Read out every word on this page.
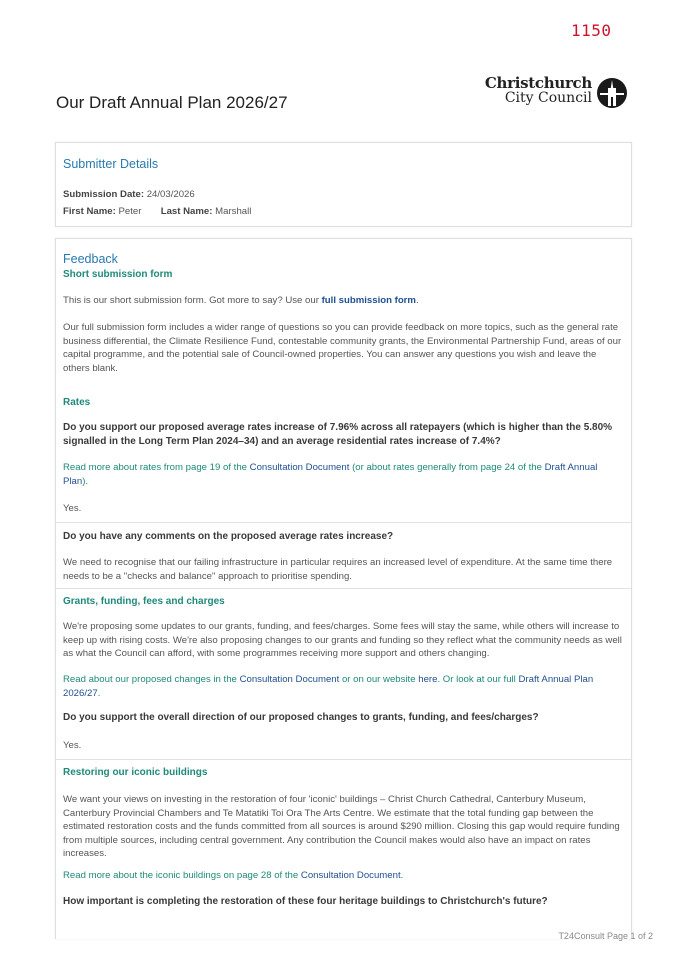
1150
Our Draft Annual Plan 2026/27
Christchurch
City Council
Submitter Details
Submission Date: 24/03/2026
First Name: Peter Last Name: Marshall
Feedback
Short submission form
This is our short submission form. Got more to say? Use our full submission form.
Our full submission form includes a wider range of questions so you can provide feedback on more topics, such as the general rate business differential, the Climate Resilience Fund, contestable community grants, the Environmental Partnership Fund, areas of our capital programme, and the potential sale of Council-owned properties. You can answer any questions you wish and leave the others blank.
Rates
Do you support our proposed average rates increase of 7.96% across all ratepayers (which is higher than the 5.80% signalled in the Long Term Plan 2024–34) and an average residential rates increase of 7.4%?
Read more about rates from page 19 of the Consultation Document (or about rates generally from page 24 of the Draft Annual Plan).
Yes.
Do you have any comments on the proposed average rates increase?
We need to recognise that our failing infrastructure in particular requires an increased level of expenditure. At the same time there needs to be a "checks and balance" approach to prioritise spending.
Grants, funding, fees and charges
We're proposing some updates to our grants, funding, and fees/charges. Some fees will stay the same, while others will increase to keep up with rising costs. We're also proposing changes to our grants and funding so they reflect what the community needs as well as what the Council can afford, with some programmes receiving more support and others changing.
Read about our proposed changes in the Consultation Document or on our website here. Or look at our full Draft Annual Plan 2026/27.
Do you support the overall direction of our proposed changes to grants, funding, and fees/charges?
Yes.
Restoring our iconic buildings
We want your views on investing in the restoration of four 'iconic' buildings – Christ Church Cathedral, Canterbury Museum, Canterbury Provincial Chambers and Te Matatiki Toi Ora The Arts Centre. We estimate that the total funding gap between the estimated restoration costs and the funds committed from all sources is around $290 million. Closing this gap would require funding from multiple sources, including central government. Any contribution the Council makes would also have an impact on rates increases.
Read more about the iconic buildings on page 28 of the Consultation Document.
How important is completing the restoration of these four heritage buildings to Christchurch's future?
T24Consult Page 1 of 2
